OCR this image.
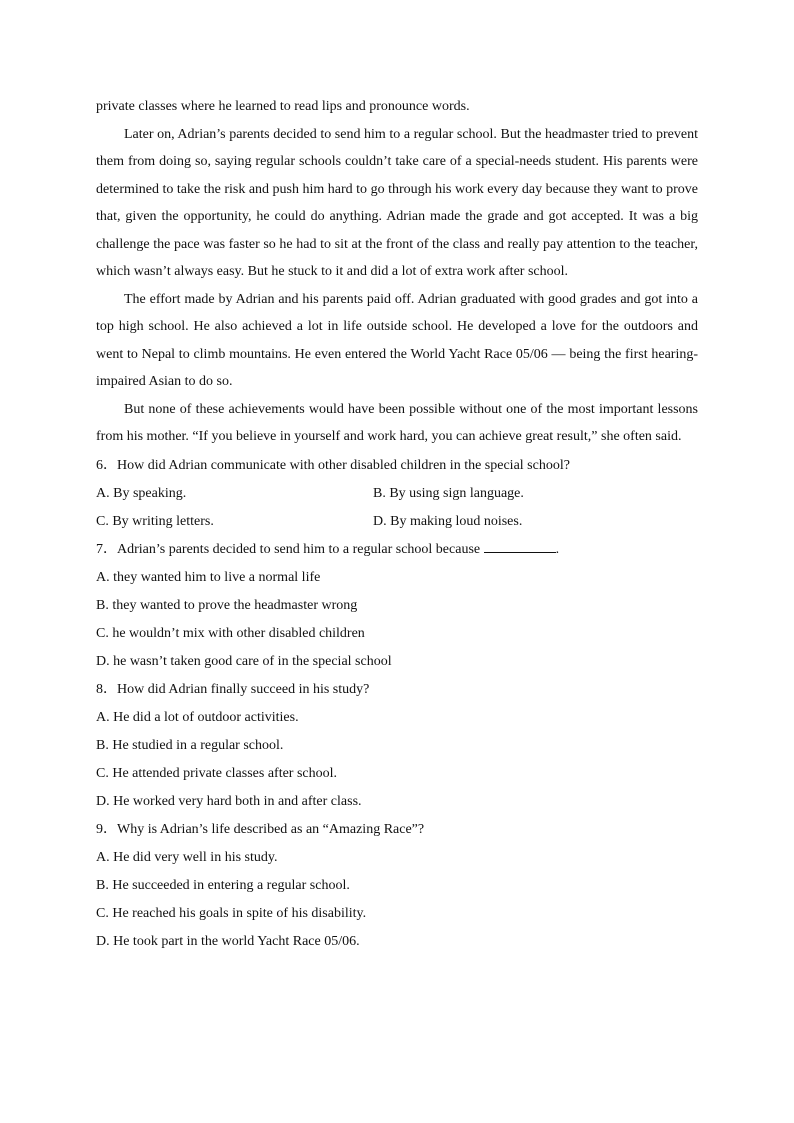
private classes where he learned to read lips and pronounce words.

Later on, Adrian’s parents decided to send him to a regular school. But the headmaster tried to prevent them from doing so, saying regular schools couldn’t take care of a special-needs student. His parents were determined to take the risk and push him hard to go through his work every day because they want to prove that, given the opportunity, he could do anything. Adrian made the grade and got accepted. It was a big challenge the pace was faster so he had to sit at the front of the class and really pay attention to the teacher, which wasn’t always easy. But he stuck to it and did a lot of extra work after school.

The effort made by Adrian and his parents paid off. Adrian graduated with good grades and got into a top high school. He also achieved a lot in life outside school. He developed a love for the outdoors and went to Nepal to climb mountains. He even entered the World Yacht Race 05/06 — being the first hearing-impaired Asian to do so.

But none of these achievements would have been possible without one of the most important lessons from his mother. “If you believe in yourself and work hard, you can achieve great result,” she often said.

6．How did Adrian communicate with other disabled children in the special school?

A. By speaking.	B. By using sign language.

C. By writing letters.	D. By making loud noises.

7．Adrian’s parents decided to send him to a regular school because	.

A. they wanted him to live a normal life

B. they wanted to prove the headmaster wrong

C. he wouldn’t mix with other disabled children

D. he wasn’t taken good care of in the special school

8．How did Adrian finally succeed in his study?

A. He did a lot of outdoor activities.

B. He studied in a regular school.

C. He attended private classes after school.

D. He worked very hard both in and after class.

9．Why is Adrian’s life described as an “Amazing Race”?

A. He did very well in his study.

B. He succeeded in entering a regular school.

C. He reached his goals in spite of his disability.

D. He took part in the world Yacht Race 05/06.
